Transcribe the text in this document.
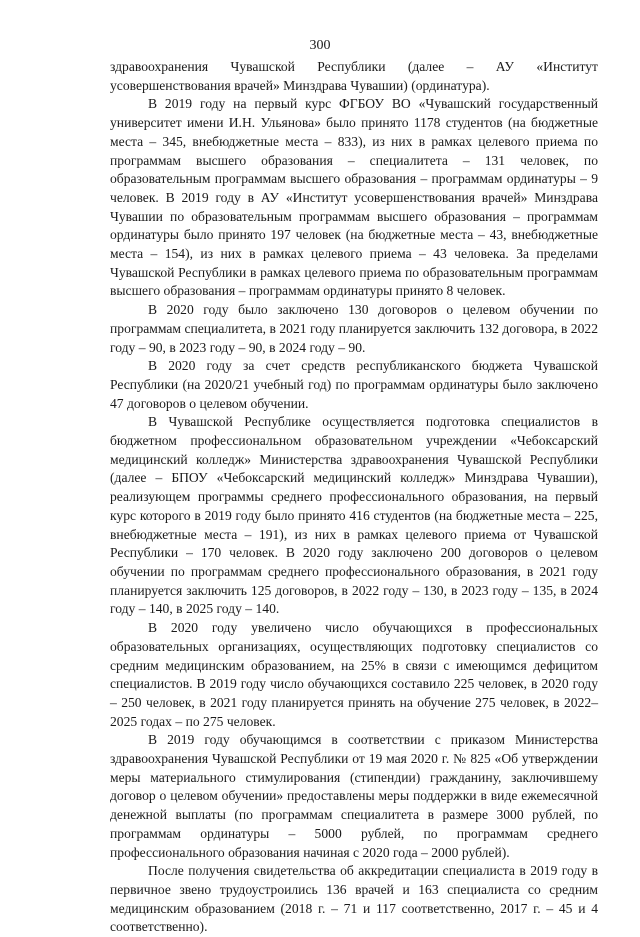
300

здравоохранения Чувашской Республики (далее – АУ «Институт усовершенствования врачей» Минздрава Чувашии) (ординатура).

В 2019 году на первый курс ФГБОУ ВО «Чувашский государственный университет имени И.Н. Ульянова» было принято 1178 студентов (на бюджетные места – 345, внебюджетные места – 833), из них в рамках целевого приема по программам высшего образования – специалитета – 131 человек, по образовательным программам высшего образования – программам ординатуры – 9 человек. В 2019 году в АУ «Институт усовершенствования врачей» Минздрава Чувашии по образовательным программам высшего образования – программам ординатуры было принято 197 человек (на бюджетные места – 43, внебюджетные места – 154), из них в рамках целевого приема – 43 человека. За пределами Чувашской Республики в рамках целевого приема по образовательным программам высшего образования – программам ординатуры принято 8 человек.

В 2020 году было заключено 130 договоров о целевом обучении по программам специалитета, в 2021 году планируется заключить 132 договора, в 2022 году – 90, в 2023 году – 90, в 2024 году – 90.

В 2020 году за счет средств республиканского бюджета Чувашской Республики (на 2020/21 учебный год) по программам ординатуры было заключено 47 договоров о целевом обучении.

В Чувашской Республике осуществляется подготовка специалистов в бюджетном профессиональном образовательном учреждении «Чебоксарский медицинский колледж» Министерства здравоохранения Чувашской Республики (далее – БПОУ «Чебоксарский медицинский колледж» Минздрава Чувашии), реализующем программы среднего профессионального образования, на первый курс которого в 2019 году было принято 416 студентов (на бюджетные места – 225, внебюджетные места – 191), из них в рамках целевого приема от Чувашской Республики – 170 человек. В 2020 году заключено 200 договоров о целевом обучении по программам среднего профессионального образования, в 2021 году планируется заключить 125 договоров, в 2022 году – 130, в 2023 году – 135, в 2024 году – 140, в 2025 году – 140.

В 2020 году увеличено число обучающихся в профессиональных образовательных организациях, осуществляющих подготовку специалистов со средним медицинским образованием, на 25% в связи с имеющимся дефицитом специалистов. В 2019 году число обучающихся составило 225 человек, в 2020 году – 250 человек, в 2021 году планируется принять на обучение 275 человек, в 2022–2025 годах – по 275 человек.

В 2019 году обучающимся в соответствии с приказом Министерства здравоохранения Чувашской Республики от 19 мая 2020 г. № 825 «Об утверждении меры материального стимулирования (стипендии) гражданину, заключившему договор о целевом обучении» предоставлены меры поддержки в виде ежемесячной денежной выплаты (по программам специалитета в размере 3000 рублей, по программам ординатуры – 5000 рублей, по программам среднего профессионального образования начиная с 2020 года – 2000 рублей).

После получения свидетельства об аккредитации специалиста в 2019 году в первичное звено трудоустроились 136 врачей и 163 специалиста со средним медицинским образованием (2018 г. – 71 и 117 соответственно, 2017 г. – 45 и 4 соответственно).
